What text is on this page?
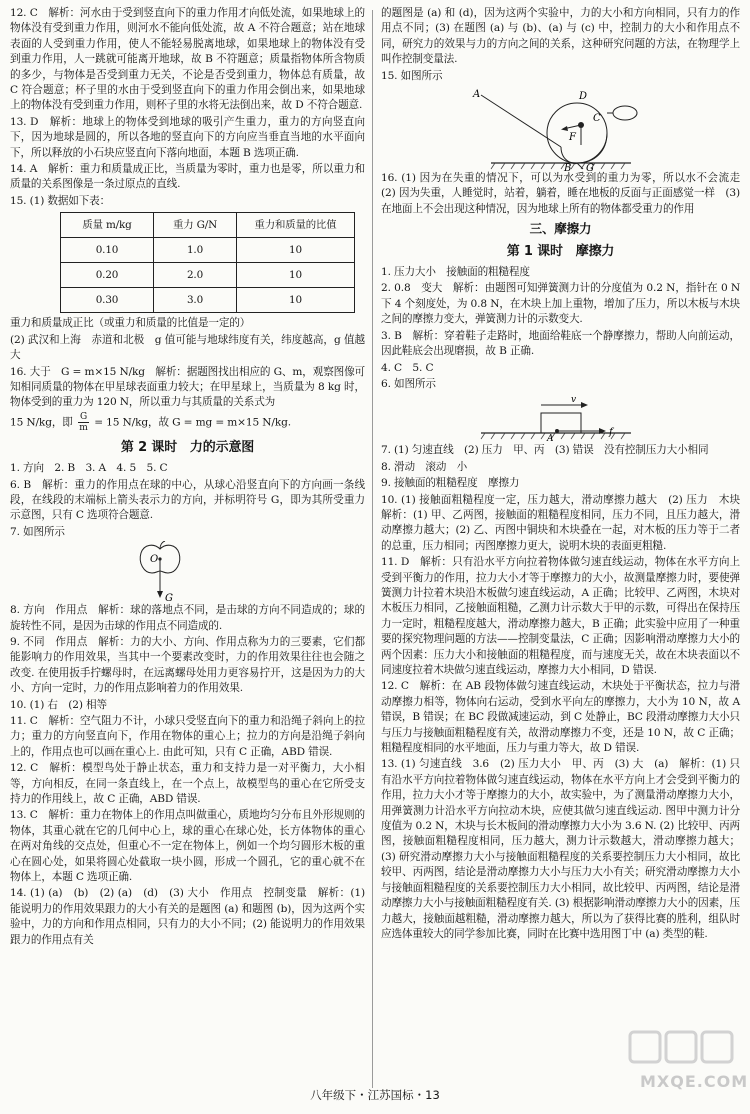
12. C　解析：河水由于受到竖直向下的重力作用才向低处流，如果地球上的物体没有受到重力作用，则河水不能向低处流，故 A 不符合题意；站在地球表面的人受到重力作用，使人不能轻易脱离地球，如果地球上的物体没有受到重力作用，人一跳就可能离开地球，故 B 不符题意；质量指物体所含物质的多少，与物体是否受到重力无关，不论是否受到重力，物体总有质量，故 C 符合题意；杯子里的水由于受到竖直向下的重力作用会倒出来，如果地球上的物体没有受到重力作用，则杯子里的水将无法倒出来，故 D 不符合题意.

13. D　解析：地球上的物体受到地球的吸引产生重力，重力的方向竖直向下，因为地球是圆的，所以各地的竖直向下的方向应当垂直当地的水平面向下，所以释放的小石块应竖直向下落向地面，本题 B 选项正确.

14. A　解析：重力和质量成正比，当质量为零时，重力也是零，所以重力和质量的关系图像是一条过原点的直线.

15. (1) 数据如下表：

质量 m/kg	重力 G/N	重力和质量的比值
0.10	1.0	10
0.20	2.0	10
0.30	3.0	10

重力和质量成正比（或重力和质量的比值是一定的）

(2) 武汉和上海　赤道和北极　g 值可能与地球纬度有关，纬度越高，g 值越大

16. 大于　G = m×15 N/kg　解析：据题图找出相应的 G、m，观察图像可知相同质量的物体在甲星球表面重力较大；在甲星球上，当质量为 8 kg 时，物体受到的重力为 120 N，所以重力与其质量的关系式为

15 N/kg，即 $\frac{G}{m} = 15$ N/kg，故 G = mg = m×15 N/kg.

第 2 课时　力的示意图

1. 方向　2. B　3. A　4. 5　5. C

6. B　解析：重力的作用点在球的中心，从球心沿竖直向下的方向画一条线段，在线段的末端标上箭头表示力的方向，并标明符号 G，即为其所受重力示意图，只有 C 选项符合题意.

7. 如图所示

O
G

8. 方向　作用点　解析：球的落地点不同，是击球的方向不同造成的；球的旋转性不同，是因为击球的作用点不同造成的.

9. 不同　作用点　解析：力的大小、方向、作用点称为力的三要素，它们都能影响力的作用效果，当其中一个要素改变时，力的作用效果往往也会随之改变. 在使用扳手拧螺母时，在远离螺母处用力更容易拧开，这是因为力的大小、方向一定时，力的作用点影响着力的作用效果.

10. (1) 右　(2) 相等

11. C　解析：空气阻力不计，小球只受竖直向下的重力和沿绳子斜向上的拉力；重力的方向竖直向下，作用在物体的重心上；拉力的方向是沿绳子斜向上的，作用点也可以画在重心上. 由此可知，只有 C 正确，ABD 错误.

12. C　解析：模型鸟处于静止状态，重力和支持力是一对平衡力，大小相等，方向相反，在同一条直线上，在一个点上，故模型鸟的重心在它所受支持力的作用线上，故 C 正确，ABD 错误.

13. C　解析：重力在物体上的作用点叫做重心，质地均匀分布且外形规则的物体，其重心就在它的几何中心上，球的重心在球心处，长方体物体的重心在两对角线的交点处，但重心不一定在物体上，例如一个均匀圆形木板的重心在圆心处，如果将圆心处截取一块小圆，形成一个圆孔，它的重心就不在物体上，本题 C 选项正确.

14. (1) (a)　(b)　(2) (a)　(d)　(3) 大小　作用点　控制变量　解析：(1) 能说明力的作用效果跟力的大小有关的是题图 (a) 和题图 (b)，因为这两个实验中，力的方向和作用点相同，只有力的大小不同；(2) 能说明力的作用效果跟力的作用点有关

的题图是 (a) 和 (d)，因为这两个实验中，力的大小和方向相同，只有力的作用点不同；(3) 在题图 (a) 与 (b)、(a) 与 (c) 中，控制力的大小和作用点不同，研究力的效果与力的方向之间的关系，这种研究问题的方法，在物理学上叫作控制变量法.

15. 如图所示

A	D
C
F
B G

16. (1) 因为在失重的情况下，可以为水受到的重力为零，所以水不会流走　(2) 因为失重，人睡觉时，站着，躺着，睡在地板的反面与正面感觉一样　(3) 在地面上不会出现这种情况，因为地球上所有的物体都受重力的作用

三、摩擦力
第 1 课时　摩擦力

1. 压力大小　接触面的粗糙程度

2. 0.8　变大　解析：由题图可知弹簧测力计的分度值为 0.2 N，指针在 0 N 下 4 个刻度处，为 0.8 N，在木块上加上重物，增加了压力，所以木板与木块之间的摩擦力变大，弹簧测力计的示数变大.

3. B　解析：穿着鞋子走路时，地面给鞋底一个静摩擦力，帮助人向前运动，因此鞋底会出现磨损，故 B 正确.

4. C　5. C

6. 如图所示

v
A
f

7. (1) 匀速直线　(2) 压力　甲、丙　(3) 错误　没有控制压力大小相同

8. 滑动　滚动　小

9. 接触面的粗糙程度　摩擦力

10. (1) 接触面粗糙程度一定，压力越大，滑动摩擦力越大　(2) 压力　木块　解析：(1) 甲、乙两图，接触面的粗糙程度相同，压力不同，且压力越大，滑动摩擦力越大；(2) 乙、丙图中铜块和木块叠在一起，对木板的压力等于二者的总重，压力相同；丙图摩擦力更大，说明木块的表面更粗糙.

11. D　解析：只有沿水平方向拉着物体做匀速直线运动，物体在水平方向上受到平衡力的作用，拉力大小才等于摩擦力的大小，故测量摩擦力时，要使弹簧测力计拉着木块沿木板做匀速直线运动，A 正确；比较甲、乙两图，木块对木板压力相同，乙接触面粗糙，乙测力计示数大于甲的示数，可得出在保持压力一定时，粗糙程度越大，滑动摩擦力越大，B 正确；此实验中应用了一种重要的探究物理问题的方法——控制变量法，C 正确；因影响滑动摩擦力大小的两个因素：压力大小和接触面的粗糙程度，而与速度无关，故在木块表面以不同速度拉着木块做匀速直线运动，摩擦力大小相同，D 错误.

12. C　解析：在 AB 段物体做匀速直线运动，木块处于平衡状态，拉力与滑动摩擦力相等，物体向右运动，受到水平向左的摩擦力，大小为 10 N，故 A 错误，B 错误；在 BC 段做减速运动，到 C 处静止，BC 段滑动摩擦力大小只与压力与接触面粗糙程度有关，故滑动摩擦力不变，还是 10 N，故 C 正确；粗糙程度相同的水平地面，压力与重力等大，故 D 错误.

13. (1) 匀速直线　3.6　(2) 压力大小　甲、丙　(3) 大　(a)　解析：(1) 只有沿水平方向拉着物体做匀速直线运动，物体在水平方向上才会受到平衡力的作用，拉力大小才等于摩擦力的大小，故实验中，为了测量滑动摩擦力大小，用弹簧测力计沿水平方向拉动木块，应使其做匀速直线运动. 图甲中测力计分度值为 0.2 N，木块与长木板间的滑动摩擦力大小为 3.6 N. (2) 比较甲、丙两图，接触面粗糙程度相同，压力越大，测力计示数越大，滑动摩擦力越大；(3) 研究滑动摩擦力大小与接触面粗糙程度的关系要控制压力大小相同，故比较甲、丙两图，结论是滑动摩擦力大小与压力大小有关；研究滑动摩擦力大小与接触面粗糙程度的关系要控制压力大小相同，故比较甲、丙两图，结论是滑动摩擦力大小与接触面粗糙程度有关. (3) 根据影响滑动摩擦力大小的因素，压力越大，接触面越粗糙，滑动摩擦力越大，所以为了获得比赛的胜利，组队时应选体重较大的同学参加比赛，同时在比赛中选用图丁中 (a) 类型的鞋.

八年级下・江苏国标・13
MXQE.COM
